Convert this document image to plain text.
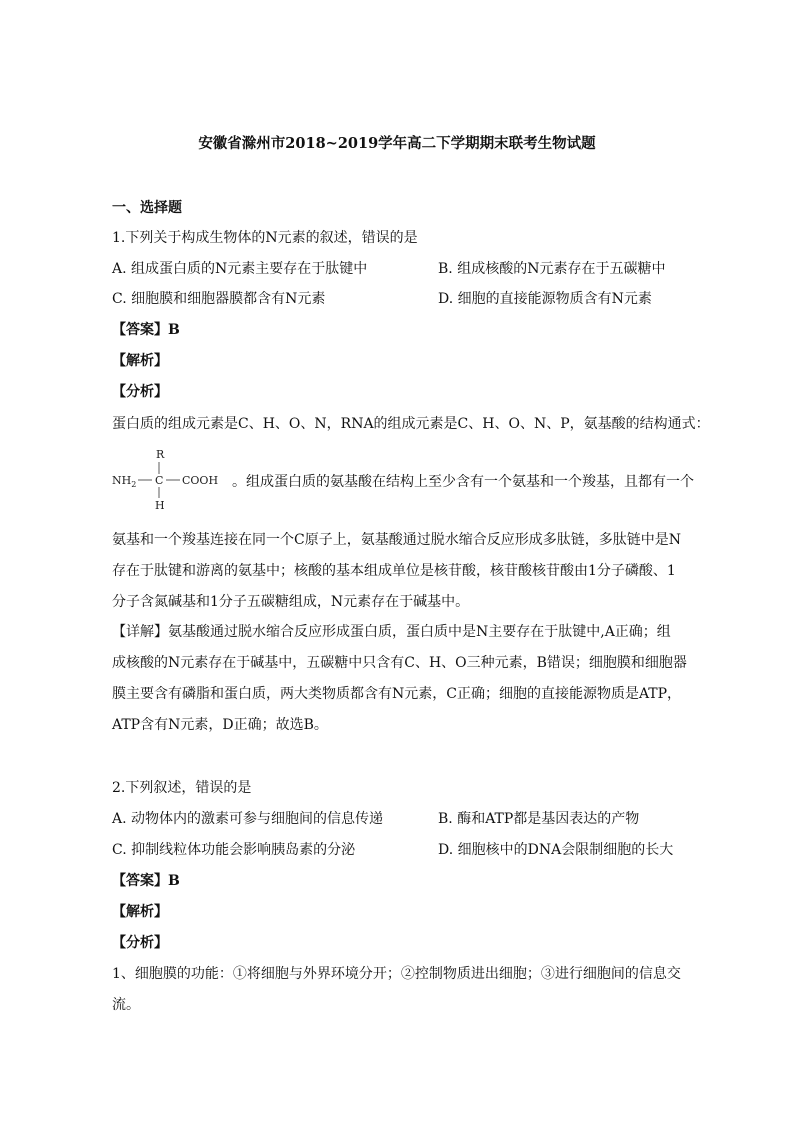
安徽省滁州市2018~2019学年高二下学期期末联考生物试题
一、选择题
1.下列关于构成生物体的N元素的叙述，错误的是
A. 组成蛋白质的N元素主要存在于肽键中	B. 组成核酸的N元素存在于五碳糖中
C. 细胞膜和细胞器膜都含有N元素	D. 细胞的直接能源物质含有N元素
【答案】B
【解析】
【分析】
蛋白质的组成元素是C、H、O、N，RNA的组成元素是C、H、O、N、P，氨基酸的结构通式：
R
$NH_2$ C COOH
H
。组成蛋白质的氨基酸在结构上至少含有一个氨基和一个羧基，且都有一个
氨基和一个羧基连接在同一个C原子上，氨基酸通过脱水缩合反应形成多肽链，多肽链中是N
存在于肽键和游离的氨基中；核酸的基本组成单位是核苷酸，核苷酸核苷酸由1分子磷酸、1
分子含氮碱基和1分子五碳糖组成，N元素存在于碱基中。
【详解】氨基酸通过脱水缩合反应形成蛋白质，蛋白质中是N主要存在于肽键中,A正确；组
成核酸的N元素存在于碱基中，五碳糖中只含有C、H、O三种元素，B错误；细胞膜和细胞器
膜主要含有磷脂和蛋白质，两大类物质都含有N元素，C正确；细胞的直接能源物质是ATP，
ATP含有N元素，D正确；故选B。
2.下列叙述，错误的是
A. 动物体内的激素可参与细胞间的信息传递	B. 酶和ATP都是基因表达的产物
C. 抑制线粒体功能会影响胰岛素的分泌	D. 细胞核中的DNA会限制细胞的长大
【答案】B
【解析】
【分析】
1、细胞膜的功能：①将细胞与外界环境分开；②控制物质进出细胞；③进行细胞间的信息交
流。
